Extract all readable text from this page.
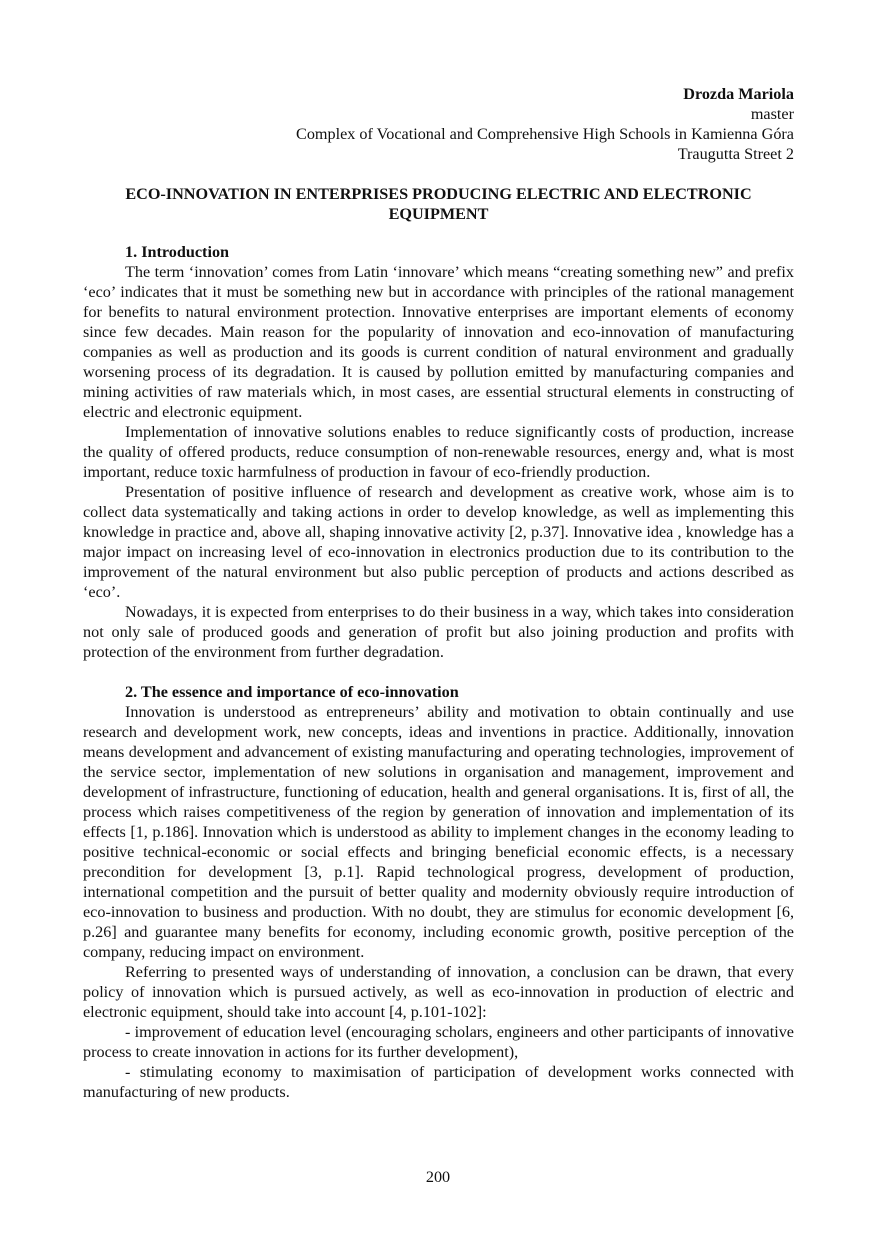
Drozda Mariola
master
Complex of Vocational and Comprehensive High Schools in Kamienna Góra
Traugutta Street 2
ECO-INNOVATION IN ENTERPRISES PRODUCING ELECTRIC AND ELECTRONIC EQUIPMENT
1. Introduction

The term ‘innovation’ comes from Latin ‘innovare’ which means “creating something new” and prefix ‘eco’ indicates that it must be something new but in accordance with principles of the rational management for benefits to natural environment protection. Innovative enterprises are important elements of economy since few decades. Main reason for the popularity of innovation and eco-innovation of manufacturing companies as well as production and its goods is current condition of natural environment and gradually worsening process of its degradation. It is caused by pollution emitted by manufacturing companies and mining activities of raw materials which, in most cases, are essential structural elements in constructing of electric and electronic equipment.

Implementation of innovative solutions enables to reduce significantly costs of production, increase the quality of offered products, reduce consumption of non-renewable resources, energy and, what is most important, reduce toxic harmfulness of production in favour of eco-friendly production.

Presentation of positive influence of research and development as creative work, whose aim is to collect data systematically and taking actions in order to develop knowledge, as well as implementing this knowledge in practice and, above all, shaping innovative activity [2, p.37]. Innovative idea , knowledge has a major impact on increasing level of eco-innovation in electronics production due to its contribution to the improvement of the natural environment but also public perception of products and actions described as ‘eco’.

Nowadays, it is expected from enterprises to do their business in a way, which takes into consideration not only sale of produced goods and generation of profit but also joining production and profits with protection of the environment from further degradation.

2. The essence and importance of eco-innovation

Innovation is understood as entrepreneurs’ ability and motivation to obtain continually and use research and development work, new concepts, ideas and inventions in practice. Additionally, innovation means development and advancement of existing manufacturing and operating technologies, improvement of the service sector, implementation of new solutions in organisation and management, improvement and development of infrastructure, functioning of education, health and general organisations. It is, first of all, the process which raises competitiveness of the region by generation of innovation and implementation of its effects [1, p.186]. Innovation which is understood as ability to implement changes in the economy leading to positive technical-economic or social effects and bringing beneficial economic effects, is a necessary precondition for development [3, p.1]. Rapid technological progress, development of production, international competition and the pursuit of better quality and modernity obviously require introduction of eco-innovation to business and production. With no doubt, they are stimulus for economic development [6, p.26] and guarantee many benefits for economy, including economic growth, positive perception of the company, reducing impact on environment.

Referring to presented ways of understanding of innovation, a conclusion can be drawn, that every policy of innovation which is pursued actively, as well as eco-innovation in production of electric and electronic equipment, should take into account [4, p.101-102]:

- improvement of education level (encouraging scholars, engineers and other participants of innovative process to create innovation in actions for its further development),

- stimulating economy to maximisation of participation of development works connected with manufacturing of new products.

200
